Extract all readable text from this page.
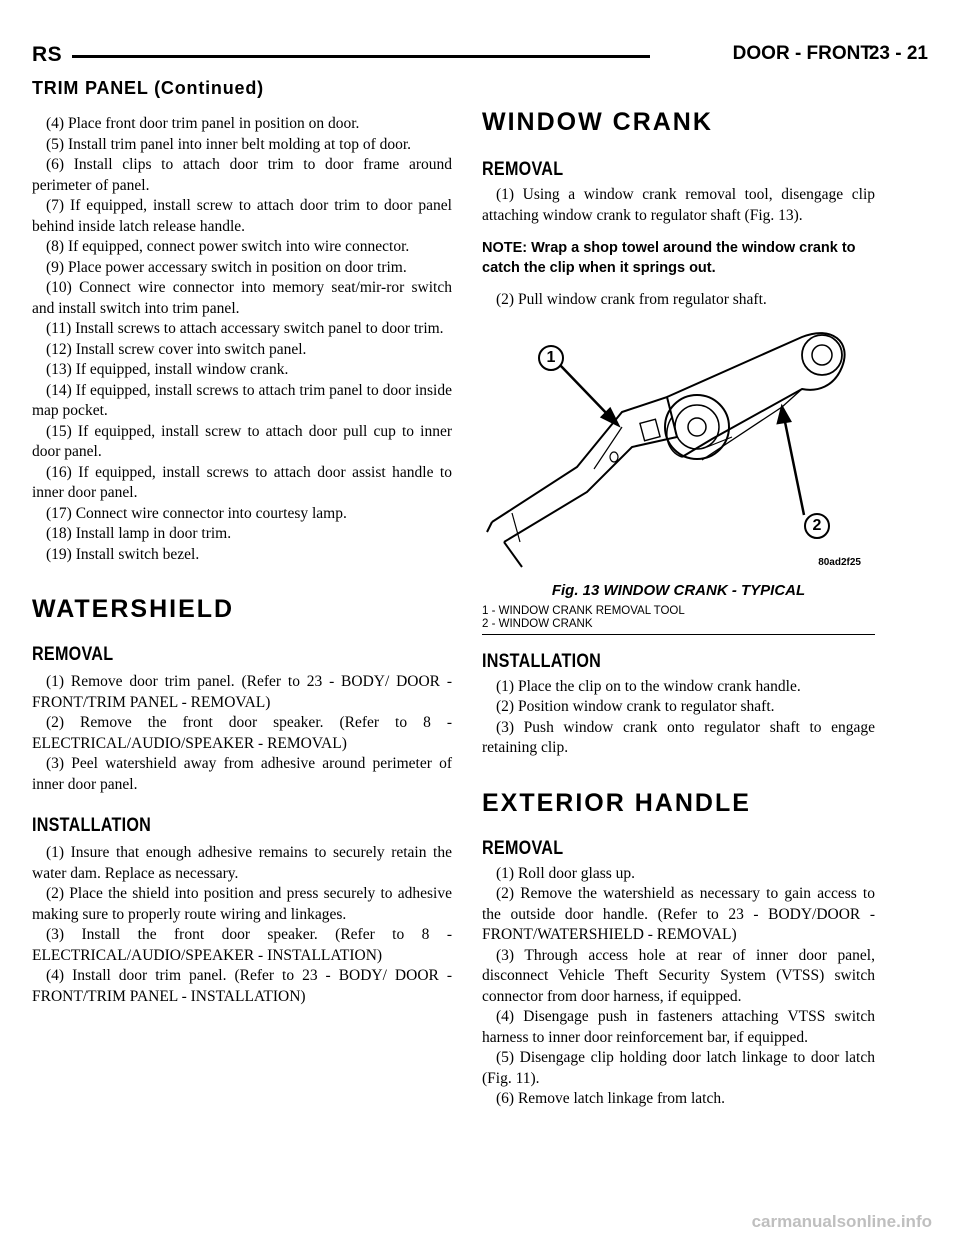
RS	DOOR - FRONT
23 - 21
TRIM PANEL (Continued)

(4) Place front door trim panel in position on door.

(5) Install trim panel into inner belt molding at top of door.

(6) Install clips to attach door trim to door frame around perimeter of panel.

(7) If equipped, install screw to attach door trim to door panel behind inside latch release handle.

(8) If equipped, connect power switch into wire connector.

(9) Place power accessary switch in position on door trim.

(10) Connect wire connector into memory seat/mir-ror switch and install switch into trim panel.

(11) Install screws to attach accessary switch panel to door trim.

(12) Install screw cover into switch panel.

(13) If equipped, install window crank.

(14) If equipped, install screws to attach trim panel to door inside map pocket.

(15) If equipped, install screw to attach door pull cup to inner door panel.

(16) If equipped, install screws to attach door assist handle to inner door panel.

(17) Connect wire connector into courtesy lamp.

(18) Install lamp in door trim.

(19) Install switch bezel.

WATERSHIELD
REMOVAL

(1) Remove door trim panel. (Refer to 23 - BODY/ DOOR - FRONT/TRIM PANEL - REMOVAL)

(2) Remove the front door speaker. (Refer to 8 - ELECTRICAL/AUDIO/SPEAKER - REMOVAL)

(3) Peel watershield away from adhesive around perimeter of inner door panel.

INSTALLATION

(1) Insure that enough adhesive remains to securely retain the water dam. Replace as necessary.

(2) Place the shield into position and press securely to adhesive making sure to properly route wiring and linkages.

(3) Install the front door speaker. (Refer to 8 - ELECTRICAL/AUDIO/SPEAKER - INSTALLATION)

(4) Install door trim panel. (Refer to 23 - BODY/ DOOR - FRONT/TRIM PANEL - INSTALLATION)

WINDOW CRANK
REMOVAL

(1) Using a window crank removal tool, disengage clip attaching window crank to regulator shaft (Fig. 13).

NOTE: Wrap a shop towel around the window crank to catch the clip when it springs out.

(2) Pull window crank from regulator shaft.

1
2
80ad2f25
Fig. 13 WINDOW CRANK - TYPICAL
1 - WINDOW CRANK REMOVAL TOOL
2 - WINDOW CRANK
INSTALLATION

(1) Place the clip on to the window crank handle.

(2) Position window crank to regulator shaft.

(3) Push window crank onto regulator shaft to engage retaining clip.

EXTERIOR HANDLE
REMOVAL

(1) Roll door glass up.

(2) Remove the watershield as necessary to gain access to the outside door handle. (Refer to 23 - BODY/DOOR - FRONT/WATERSHIELD - REMOVAL)

(3) Through access hole at rear of inner door panel, disconnect Vehicle Theft Security System (VTSS) switch connector from door harness, if equipped.

(4) Disengage push in fasteners attaching VTSS switch harness to inner door reinforcement bar, if equipped.

(5) Disengage clip holding door latch linkage to door latch (Fig. 11).

(6) Remove latch linkage from latch.

carmanualsonline.info
